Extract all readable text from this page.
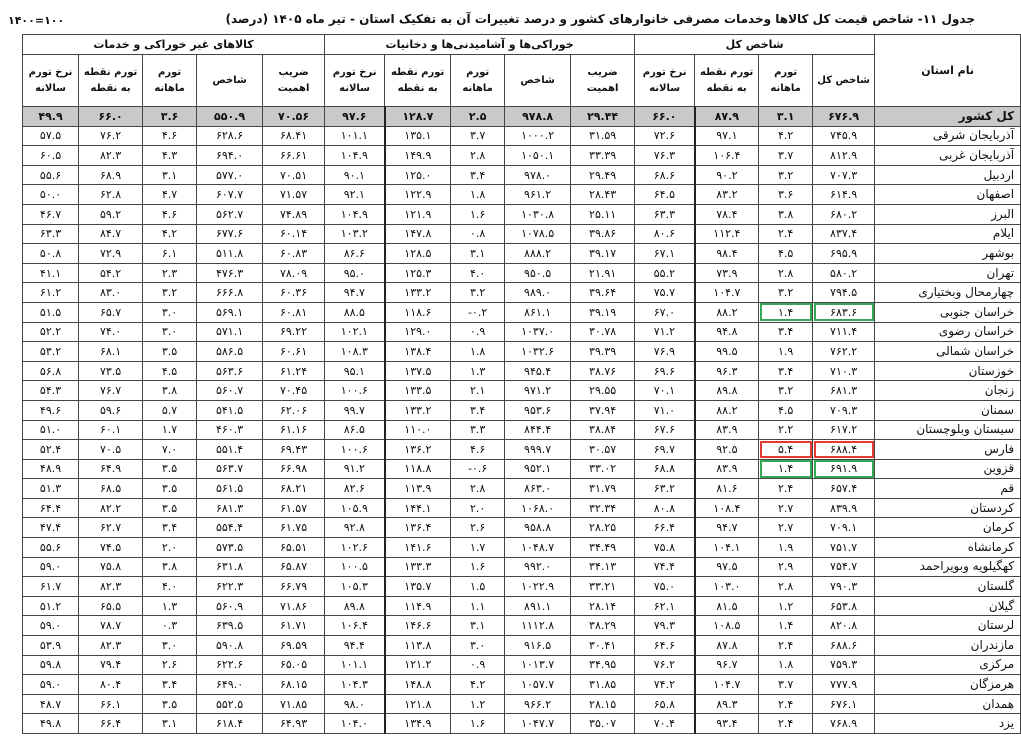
۱۴۰۰=۱۰۰	جدول ۱۱- شاخص قیمت کل کالاها وخدمات مصرفی خانوارهای کشور و درصد تغییرات آن به تفکیک استان - تیر ماه ۱۴۰۵ (درصد)
نام استان	شاخص کل				خوراکی‌ها و آشامیدنی‌ها و دخانیات					کالاهای غیر خوراکی و خدمات				
	شاخص کل	تورم ماهانه	تورم نقطه به نقطه	نرخ تورم سالانه	ضریب اهمیت	شاخص	تورم ماهانه	تورم نقطه به نقطه	نرخ تورم سالانه	ضریب اهمیت	شاخص	تورم ماهانه	تورم نقطه به نقطه	نرخ تورم سالانه
کل کشور	۶۷۶.۹	۳.۱	۸۷.۹	۶۶.۰	۲۹.۴۴	۹۷۸.۸	۲.۵	۱۲۸.۷	۹۷.۶	۷۰.۵۶	۵۵۰.۹	۳.۶	۶۶.۰	۴۹.۹
آذربایجان شرقی	۷۴۵.۹	۴.۲	۹۷.۱	۷۲.۶	۳۱.۵۹	۱۰۰۰.۲	۳.۷	۱۳۵.۱	۱۰۱.۱	۶۸.۴۱	۶۲۸.۶	۴.۶	۷۶.۲	۵۷.۵
آذربایجان غربی	۸۱۲.۹	۳.۷	۱۰۶.۴	۷۶.۳	۳۳.۳۹	۱۰۵۰.۱	۲.۸	۱۴۹.۹	۱۰۴.۹	۶۶.۶۱	۶۹۴.۰	۴.۳	۸۲.۳	۶۰.۵
اردبیل	۷۰۷.۳	۳.۲	۹۰.۲	۶۸.۶	۲۹.۴۹	۹۷۸.۰	۳.۴	۱۲۵.۰	۹۰.۱	۷۰.۵۱	۵۷۷.۰	۳.۱	۶۸.۹	۵۵.۶
اصفهان	۶۱۴.۹	۳.۶	۸۳.۲	۶۴.۵	۲۸.۴۳	۹۶۱.۲	۱.۸	۱۲۲.۹	۹۲.۱	۷۱.۵۷	۶۰۷.۷	۴.۷	۶۲.۸	۵۰.۰
البرز	۶۸۰.۲	۳.۸	۷۸.۴	۶۳.۳	۲۵.۱۱	۱۰۳۰.۸	۱.۶	۱۲۱.۹	۱۰۴.۹	۷۴.۸۹	۵۶۲.۷	۴.۶	۵۹.۲	۴۶.۷
ایلام	۸۳۷.۴	۲.۴	۱۱۲.۴	۸۰.۶	۳۹.۸۶	۱۰۷۸.۵	۰.۸	۱۴۷.۸	۱۰۳.۲	۶۰.۱۴	۶۷۷.۶	۴.۲	۸۴.۷	۶۳.۳
بوشهر	۶۹۵.۹	۴.۵	۹۸.۴	۶۷.۱	۳۹.۱۷	۸۸۸.۲	۳.۱	۱۲۸.۵	۸۶.۶	۶۰.۸۳	۵۱۱.۸	۶.۱	۷۲.۹	۵۰.۸
تهران	۵۸۰.۲	۲.۸	۷۳.۹	۵۵.۲	۲۱.۹۱	۹۵۰.۵	۴.۰	۱۲۵.۳	۹۵.۰	۷۸.۰۹	۴۷۶.۳	۲.۳	۵۴.۲	۴۱.۱
چهارمحال وبختیاری	۷۹۴.۵	۳.۲	۱۰۴.۷	۷۵.۷	۳۹.۶۴	۹۸۹.۰	۳.۲	۱۳۳.۲	۹۴.۷	۶۰.۳۶	۶۶۶.۸	۳.۲	۸۳.۰	۶۱.۲
خراسان جنوبی	۶۸۳.۶	۱.۴	۸۸.۲	۶۷.۰	۳۹.۱۹	۸۶۱.۱	۰.۲-	۱۱۸.۶	۸۸.۵	۶۰.۸۱	۵۶۹.۱	۳.۰	۶۵.۷	۵۱.۵
خراسان رضوی	۷۱۱.۴	۳.۴	۹۴.۸	۷۱.۲	۳۰.۷۸	۱۰۳۷.۰	۰.۹	۱۲۹.۰	۱۰۲.۱	۶۹.۲۲	۵۷۱.۱	۳.۰	۷۴.۰	۵۲.۲
خراسان شمالی	۷۶۲.۲	۱.۹	۹۹.۵	۷۶.۹	۳۹.۳۹	۱۰۳۲.۶	۱.۸	۱۳۸.۴	۱۰۸.۳	۶۰.۶۱	۵۸۶.۵	۳.۵	۶۸.۱	۵۳.۲
خوزستان	۷۱۰.۳	۳.۴	۹۶.۳	۶۹.۶	۳۸.۷۶	۹۴۵.۴	۱.۳	۱۳۷.۵	۹۵.۱	۶۱.۲۴	۵۶۳.۶	۴.۵	۷۳.۵	۵۶.۸
زنجان	۶۸۱.۳	۳.۲	۸۹.۸	۷۰.۱	۲۹.۵۵	۹۷۱.۲	۲.۱	۱۳۳.۵	۱۰۰.۶	۷۰.۴۵	۵۶۰.۷	۳.۸	۷۶.۷	۵۴.۳
سمنان	۷۰۹.۳	۴.۵	۸۸.۲	۷۱.۰	۳۷.۹۴	۹۵۳.۶	۳.۴	۱۳۳.۲	۹۹.۷	۶۲.۰۶	۵۴۱.۵	۵.۷	۵۹.۶	۴۹.۶
سیستان وبلوچستان	۶۱۷.۲	۲.۲	۸۳.۹	۶۷.۶	۳۸.۸۴	۸۴۴.۴	۳.۳	۱۱۰.۰	۸۶.۵	۶۱.۱۶	۴۶۰.۳	۱.۷	۶۰.۱	۵۱.۰
فارس	۶۸۸.۴	۵.۴	۹۲.۵	۶۹.۷	۳۰.۵۷	۹۹۹.۷	۴.۶	۱۳۶.۲	۱۰۰.۶	۶۹.۴۳	۵۵۱.۴	۷.۰	۷۰.۵	۵۲.۴
قزوین	۶۹۱.۹	۱.۴	۸۳.۹	۶۸.۸	۳۳.۰۲	۹۵۲.۱	۰.۶-	۱۱۸.۸	۹۱.۲	۶۶.۹۸	۵۶۳.۷	۳.۵	۶۴.۹	۴۸.۹
قم	۶۵۷.۴	۲.۴	۸۱.۶	۶۳.۲	۳۱.۷۹	۸۶۳.۰	۲.۸	۱۱۳.۹	۸۲.۶	۶۸.۲۱	۵۶۱.۵	۳.۵	۶۸.۵	۵۱.۳
کردستان	۸۳۹.۹	۲.۷	۱۰۸.۴	۸۰.۸	۳۲.۳۴	۱۰۶۸.۰	۲.۰	۱۴۴.۱	۱۰۵.۹	۶۱.۵۷	۶۸۱.۳	۳.۵	۸۲.۲	۶۴.۴
کرمان	۷۰۹.۱	۲.۷	۹۴.۷	۶۶.۴	۲۸.۲۵	۹۵۸.۸	۲.۶	۱۳۶.۴	۹۲.۸	۶۱.۷۵	۵۵۴.۴	۳.۴	۶۲.۷	۴۷.۴
کرمانشاه	۷۵۱.۷	۱.۹	۱۰۴.۱	۷۵.۸	۳۴.۴۹	۱۰۴۸.۷	۱.۷	۱۴۱.۶	۱۰۲.۶	۶۵.۵۱	۵۷۳.۵	۲.۰	۷۴.۵	۵۵.۶
کهگیلویه وبویراحمد	۷۵۴.۷	۲.۹	۹۷.۵	۷۴.۴	۳۴.۱۳	۹۹۲.۰	۱.۶	۱۳۳.۳	۱۰۰.۵	۶۵.۸۷	۶۳۱.۸	۳.۸	۷۵.۸	۵۹.۰
گلستان	۷۹۰.۳	۲.۸	۱۰۳.۰	۷۵.۰	۳۳.۲۱	۱۰۲۲.۹	۱.۵	۱۳۵.۷	۱۰۵.۳	۶۶.۷۹	۶۲۲.۳	۴.۰	۸۲.۳	۶۱.۷
گیلان	۶۵۳.۸	۱.۲	۸۱.۵	۶۲.۱	۲۸.۱۴	۸۹۱.۱	۱.۱	۱۱۴.۹	۸۹.۸	۷۱.۸۶	۵۶۰.۹	۱.۳	۶۵.۵	۵۱.۲
لرستان	۸۲۰.۸	۱.۴	۱۰۸.۵	۷۹.۳	۳۸.۲۹	۱۱۱۲.۸	۳.۱	۱۴۶.۶	۱۰۶.۴	۶۱.۷۱	۶۳۹.۵	۰.۳	۷۸.۷	۵۹.۰
مازندران	۶۸۸.۶	۲.۴	۸۷.۸	۶۴.۶	۳۰.۴۱	۹۱۶.۵	۳.۰	۱۱۳.۸	۹۴.۴	۶۹.۵۹	۵۹۰.۸	۳.۰	۸۲.۳	۵۳.۹
مرکزی	۷۵۹.۳	۱.۸	۹۶.۷	۷۶.۲	۳۴.۹۵	۱۰۱۳.۷	۰.۹	۱۲۱.۲	۱۰۱.۱	۶۵.۰۵	۶۲۲.۶	۲.۶	۷۹.۴	۵۹.۸
هرمزگان	۷۷۷.۹	۳.۷	۱۰۴.۷	۷۴.۲	۳۱.۸۵	۱۰۵۷.۷	۴.۲	۱۴۸.۸	۱۰۴.۳	۶۸.۱۵	۶۴۹.۰	۳.۴	۸۰.۴	۵۹.۰
همدان	۶۷۶.۱	۲.۴	۸۹.۳	۶۵.۸	۲۸.۱۵	۹۶۶.۲	۱.۲	۱۲۱.۸	۹۸.۰	۷۱.۸۵	۵۵۲.۵	۳.۵	۶۶.۱	۴۸.۷
یزد	۷۶۸.۹	۲.۴	۹۳.۴	۷۰.۴	۳۵.۰۷	۱۰۴۷.۷	۱.۶	۱۳۴.۹	۱۰۴.۰	۶۴.۹۳	۶۱۸.۴	۳.۱	۶۶.۴	۴۹.۸
